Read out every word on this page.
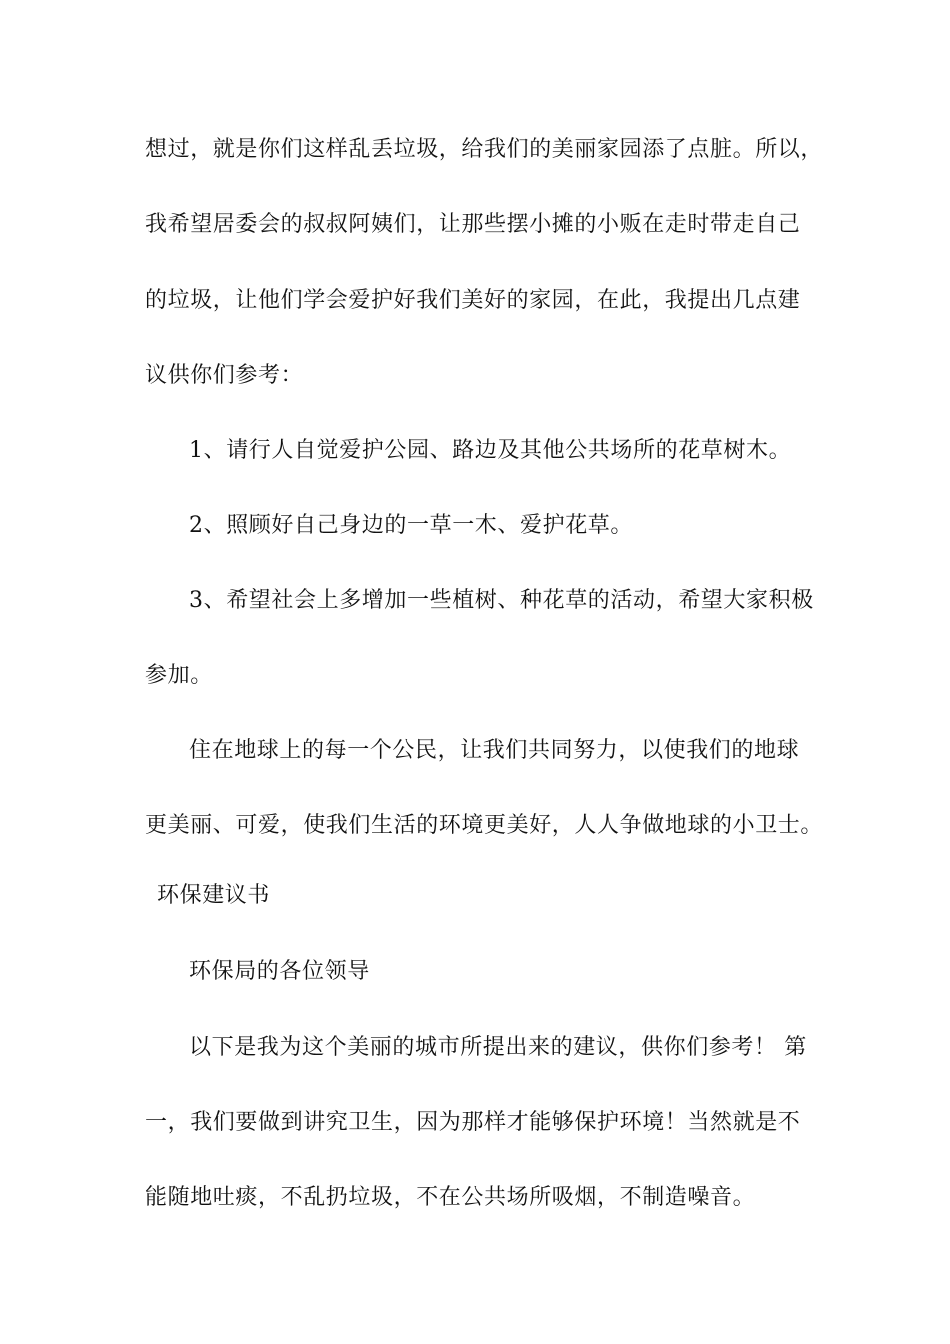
想过，就是你们这样乱丢垃圾，给我们的美丽家园添了点脏。所以，
我希望居委会的叔叔阿姨们，让那些摆小摊的小贩在走时带走自己
的垃圾，让他们学会爱护好我们美好的家园，在此，我提出几点建
议供你们参考：
1、请行人自觉爱护公园、路边及其他公共场所的花草树木。
2、照顾好自己身边的一草一木、爱护花草。
3、希望社会上多增加一些植树、种花草的活动，希望大家积极
参加。
住在地球上的每一个公民，让我们共同努力，以使我们的地球
更美丽、可爱，使我们生活的环境更美好，人人争做地球的小卫士。
环保建议书
环保局的各位领导
以下是我为这个美丽的城市所提出来的建议，供你们参考！ 第
一，我们要做到讲究卫生，因为那样才能够保护环境！当然就是不
能随地吐痰，不乱扔垃圾，不在公共场所吸烟，不制造噪音。
